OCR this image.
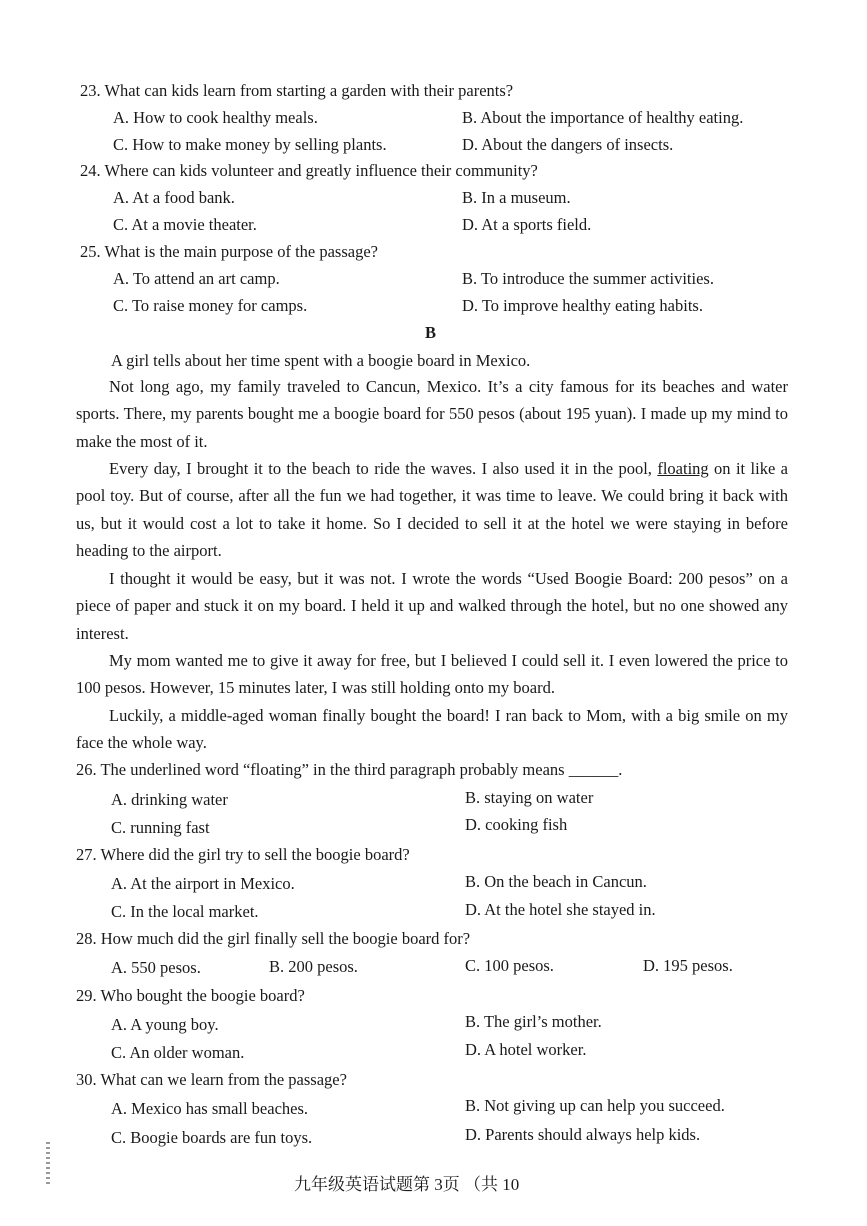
23. What can kids learn from starting a garden with their parents?
A. How to cook healthy meals.	B. About the importance of healthy eating.
C. How to make money by selling plants.	D. About the dangers of insects.
24. Where can kids volunteer and greatly influence their community?
A. At a food bank.	B. In a museum.
C. At a movie theater.	D. At a sports field.
25. What is the main purpose of the passage?
A. To attend an art camp.	B. To introduce the summer activities.
C. To raise money for camps.	D. To improve healthy eating habits.
B
A girl tells about her time spent with a boogie board in Mexico.
Not long ago, my family traveled to Cancun, Mexico. It’s a city famous for its beaches and water sports. There, my parents bought me a boogie board for 550 pesos (about 195 yuan). I made up my mind to make the most of it.
Every day, I brought it to the beach to ride the waves. I also used it in the pool, floating on it like a pool toy. But of course, after all the fun we had together, it was time to leave. We could bring it back with us, but it would cost a lot to take it home. So I decided to sell it at the hotel we were staying in before heading to the airport.
I thought it would be easy, but it was not. I wrote the words “Used Boogie Board: 200 pesos” on a piece of paper and stuck it on my board. I held it up and walked through the hotel, but no one showed any interest.
My mom wanted me to give it away for free, but I believed I could sell it. I even lowered the price to 100 pesos. However, 15 minutes later, I was still holding onto my board.
Luckily, a middle-aged woman finally bought the board! I ran back to Mom, with a big smile on my face the whole way.
26. The underlined word “floating” in the third paragraph probably means ______.
A. drinking water	B. staying on water
C. running fast	D. cooking fish
27. Where did the girl try to sell the boogie board?
A. At the airport in Mexico.	B. On the beach in Cancun.
C. In the local market.	D. At the hotel she stayed in.
28. How much did the girl finally sell the boogie board for?
A. 550 pesos.	B. 200 pesos.	C. 100 pesos.	D. 195 pesos.
29. Who bought the boogie board?
A. A young boy.	B. The girl’s mother.
C. An older woman.	D. A hotel worker.
30. What can we learn from the passage?
A. Mexico has small beaches.	B. Not giving up can help you succeed.
C. Boogie boards are fun toys.	D. Parents should always help kids.
九年级英语试题第 3页 （共 10
